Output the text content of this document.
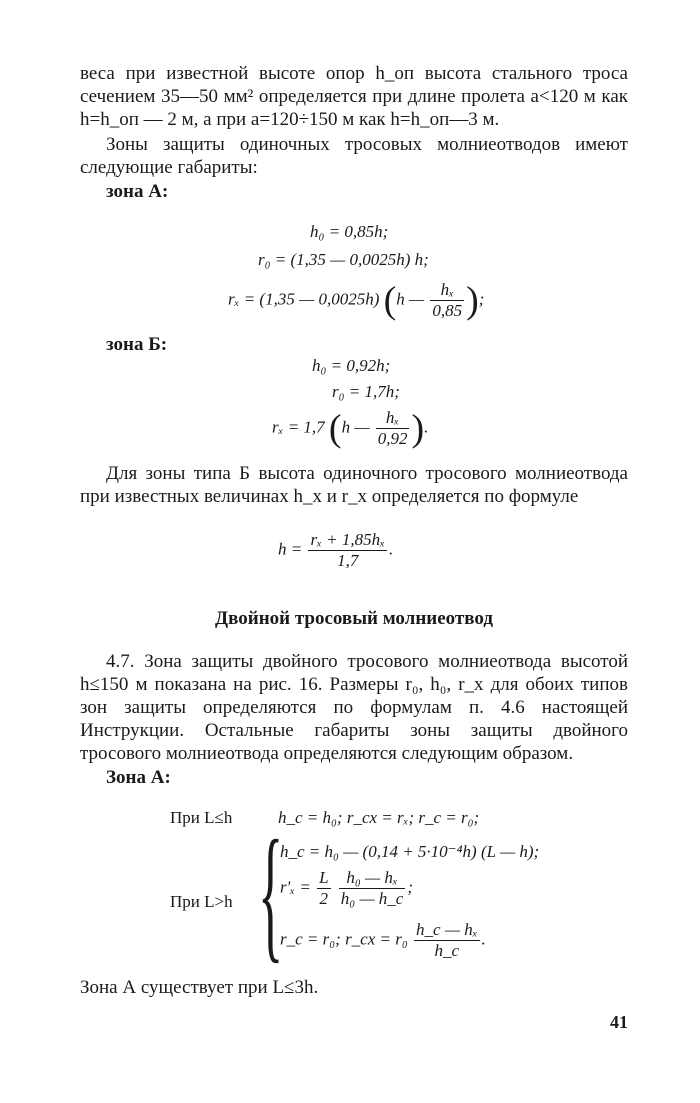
веса при известной высоте опор h_оп высота стального троса сечением 35—50 мм² определяется при длине пролета a<120 м как h=h_оп — 2 м, а при a=120÷150 м как h=h_оп—3 м.

Зоны защиты одиночных тросовых молниеотводов имеют следующие габариты:

зона А:

h₀ = 0,85h;
r₀ = (1,35 — 0,0025h) h;
rₓ = (1,35 — 0,0025h) (h — $\frac{\text{hₓ}}{0,85}$ );
зона Б:
h₀ = 0,92h;
r₀ = 1,7h;
rₓ = 1,7 (h — $\frac{\text{hₓ}}{0,92}$ ).

Для зоны типа Б высота одиночного тросового молниеотвода при известных величинах h_x и r_x определяется по формуле

$h = \frac{\text{rₓ + 1,85hₓ}}{1,7}$ .
Двойной тросовый молниеотвод

4.7. Зона защиты двойного тросового молниеотвода высотой h≤150 м показана на рис. 16. Размеры r₀, h₀, r_x для обоих типов зон защиты определяются по формулам п. 4.6 настоящей Инструкции. Остальные габариты зоны защиты двойного тросового молниеотвода определяются следующим образом.

Зона А:

При L≤h	h_c = h₀; r_cx = rₓ; r_c = r₀;
При L>h {
h_c = h₀ — (0,14 + 5·10⁻⁴h) (L — h);
$r'_x = \frac{L}{2}$
$\frac{\text{h₀ — hₓ}}{\text{h₀ — h\_c}}$ ;
r_c = r₀; r_cx = $r_0 \frac{\text{h\_c — hₓ}}{h\_c}$ .

Зона А существует при L≤3h.

41
